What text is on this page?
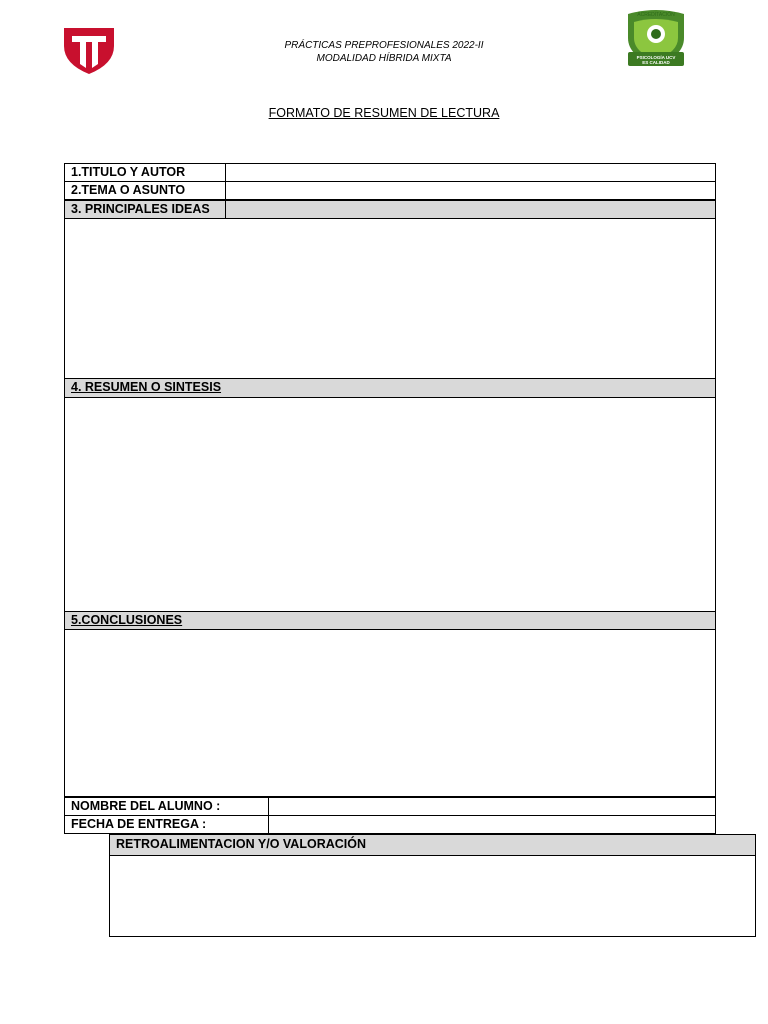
ACREDITACIÓN
PSICOLOGÍA UCV
ES CALIDAD
PRÁCTICAS PREPROFESIONALES 2022-II
MODALIDAD HÍBRIDA MIXTA
FORMATO DE RESUMEN DE LECTURA
1.TITULO Y AUTOR
2.TEMA O ASUNTO
3. PRINCIPALES IDEAS
4. RESUMEN O SINTESIS
5.CONCLUSIONES
NOMBRE DEL ALUMNO :
FECHA DE ENTREGA :
RETROALIMENTACION Y/O VALORACIÓN
